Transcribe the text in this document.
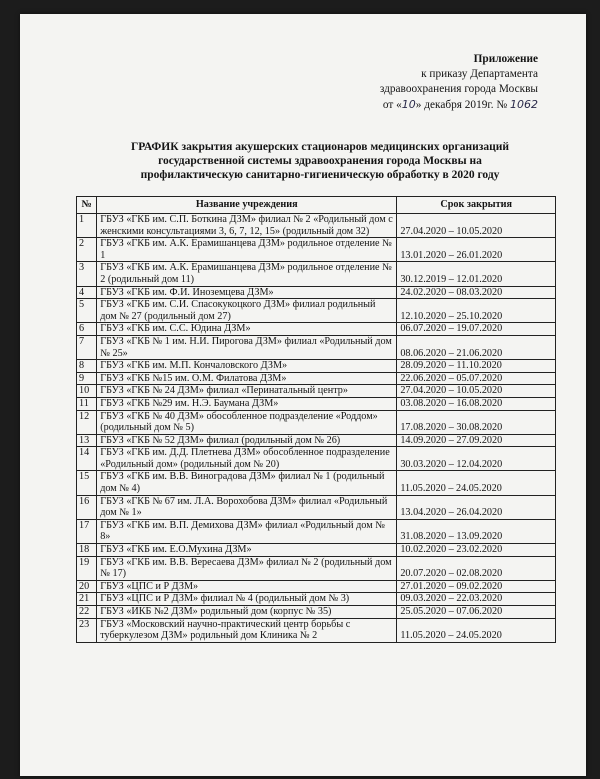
Приложение
к приказу Департамента
здравоохранения города Москвы
от «10» декабря 2019г. № 1062
ГРАФИК закрытия акушерских стационаров медицинских организаций
государственной системы здравоохранения города Москвы на
профилактическую санитарно-гигиеническую обработку в 2020 году
№	Название учреждения	Срок закрытия
1	ГБУЗ «ГКБ им. С.П. Боткина ДЗМ» филиал № 2 «Родильный дом с женскими консультациями 3, 6, 7, 12, 15» (родильный дом 32)	27.04.2020 – 10.05.2020
2	ГБУЗ «ГКБ им. А.К. Ерамишанцева ДЗМ» родильное отделение № 1	13.01.2020 – 26.01.2020
3	ГБУЗ «ГКБ им. А.К. Ерамишанцева ДЗМ» родильное отделение № 2 (родильный дом 11)	30.12.2019 – 12.01.2020
4	ГБУЗ «ГКБ им. Ф.И. Иноземцева ДЗМ»	24.02.2020 – 08.03.2020
5	ГБУЗ «ГКБ им. С.И. Спасокукоцкого ДЗМ» филиал родильный дом № 27 (родильный дом 27)	12.10.2020 – 25.10.2020
6	ГБУЗ «ГКБ им. С.С. Юдина ДЗМ»	06.07.2020 – 19.07.2020
7	ГБУЗ «ГКБ № 1 им. Н.И. Пирогова ДЗМ» филиал «Родильный дом № 25»	08.06.2020 – 21.06.2020
8	ГБУЗ «ГКБ им. М.П. Кончаловского ДЗМ»	28.09.2020 – 11.10.2020
9	ГБУЗ «ГКБ №15 им. О.М. Филатова ДЗМ»	22.06.2020 – 05.07.2020
10	ГБУЗ «ГКБ № 24 ДЗМ» филиал «Перинатальный центр»	27.04.2020 – 10.05.2020
11	ГБУЗ «ГКБ №29 им. Н.Э. Баумана ДЗМ»	03.08.2020 – 16.08.2020
12	ГБУЗ «ГКБ № 40 ДЗМ» обособленное подразделение «Роддом» (родильный дом № 5)	17.08.2020 – 30.08.2020
13	ГБУЗ «ГКБ № 52 ДЗМ» филиал (родильный дом № 26)	14.09.2020 – 27.09.2020
14	ГБУЗ «ГКБ им. Д.Д. Плетнева ДЗМ» обособленное подразделение «Родильный дом» (родильный дом № 20)	30.03.2020 – 12.04.2020
15	ГБУЗ «ГКБ им. В.В. Виноградова ДЗМ» филиал № 1 (родильный дом № 4)	11.05.2020 – 24.05.2020
16	ГБУЗ «ГКБ № 67 им. Л.А. Ворохобова ДЗМ» филиал «Родильный дом № 1»	13.04.2020 – 26.04.2020
17	ГБУЗ «ГКБ им. В.П. Демихова ДЗМ» филиал «Родильный дом № 8»	31.08.2020 – 13.09.2020
18	ГБУЗ «ГКБ им. Е.О.Мухина ДЗМ»	10.02.2020 – 23.02.2020
19	ГБУЗ «ГКБ им. В.В. Вересаева ДЗМ» филиал № 2 (родильный дом № 17)	20.07.2020 – 02.08.2020
20	ГБУЗ «ЦПС и Р ДЗМ»	27.01.2020 – 09.02.2020
21	ГБУЗ «ЦПС и Р ДЗМ» филиал № 4 (родильный дом № 3)	09.03.2020 – 22.03.2020
22	ГБУЗ «ИКБ №2 ДЗМ» родильный дом (корпус № 35)	25.05.2020 – 07.06.2020
23	ГБУЗ «Московский научно-практический центр борьбы с туберкулезом ДЗМ» родильный дом Клиника № 2	11.05.2020 – 24.05.2020
